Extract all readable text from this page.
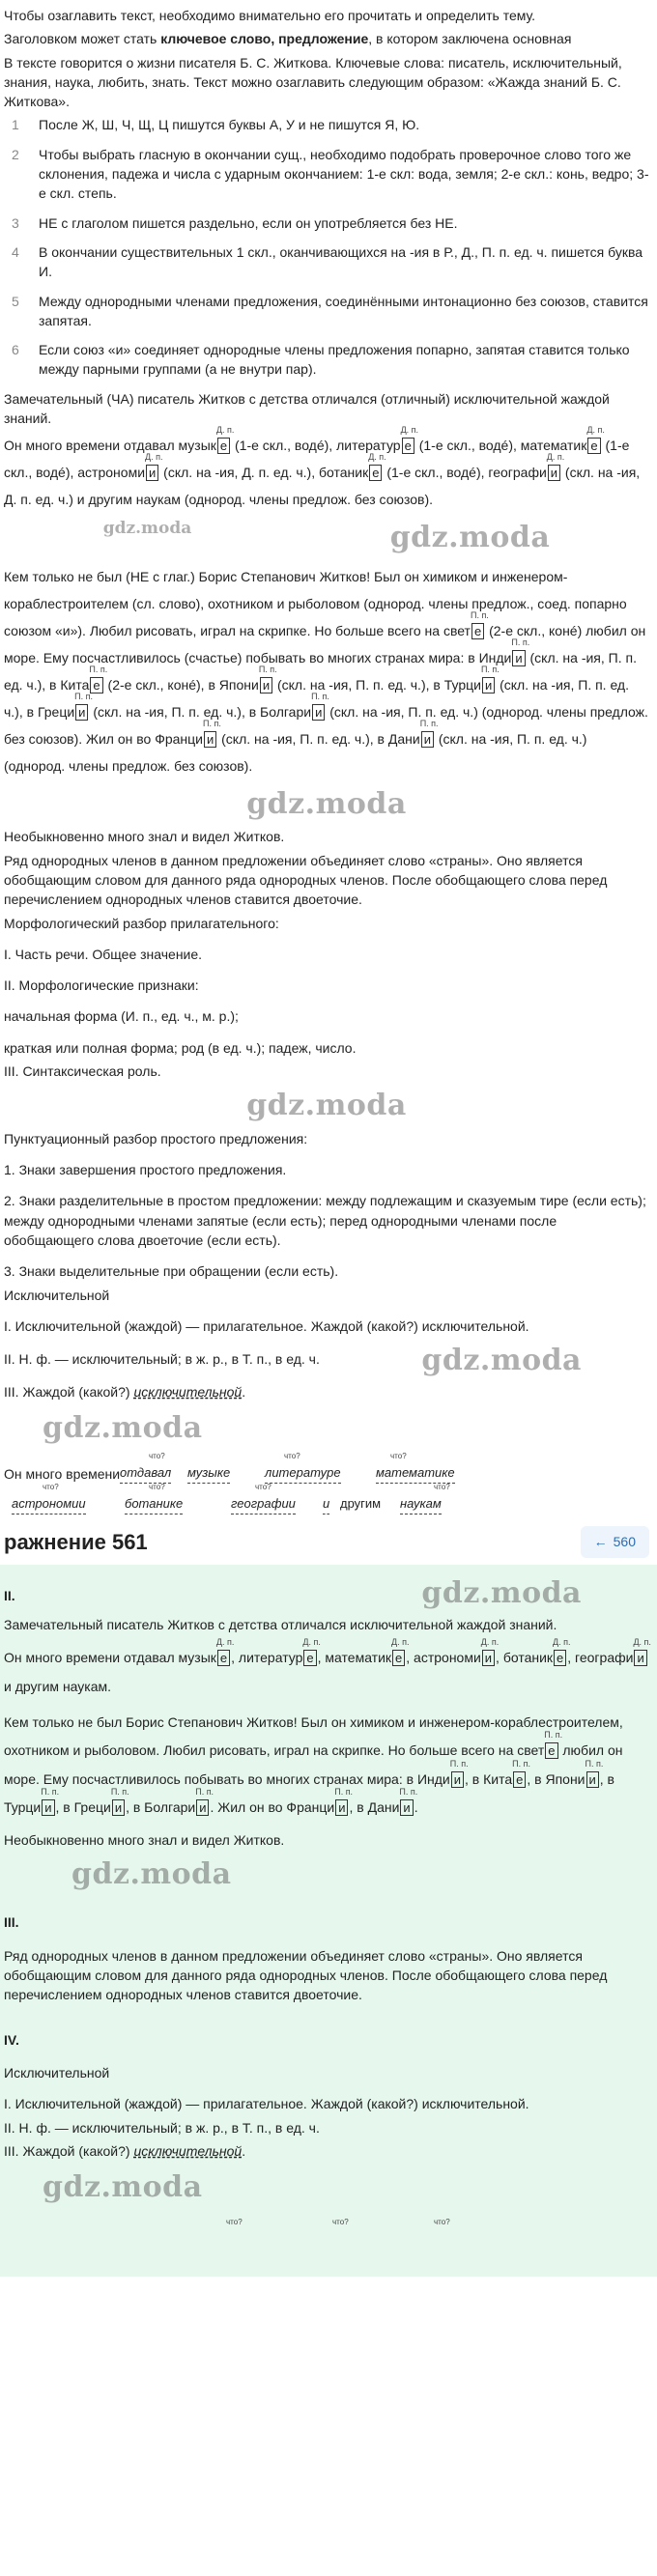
Чтобы озаглавить текст, необходимо внимательно его прочитать и определить тему.

Заголовком может стать ключевое слово, предложение, в котором заключена основная

В тексте говорится о жизни писателя Б. С. Житкова. Ключевые слова: писатель, исключительный, знания, наука, любить, знать. Текст можно озаглавить следующим образом: «Жажда знаний Б. С. Житкова».

1	После Ж, Ш, Ч, Щ, Ц пишутся буквы А, У и не пишутся Я, Ю.
2	Чтобы выбрать гласную в окончании сущ., необходимо подобрать проверочное слово того же склонения, падежа и числа с ударным окончанием: 1-е скл: вода, земля; 2-е скл.: конь, ведро; 3-е скл. степь.
3	НЕ с глаголом пишется раздельно, если он употребляется без НЕ.
4	В окончании существительных 1 скл., оканчивающихся на -ия в Р., Д., П. п. ед. ч. пишется буква И.
5	Между однородными членами предложения, соединёнными интонационно без союзов, ставится запятая.
6	Если союз «и» соединяет однородные члены предложения попарно, запятая ставится только между парными группами (а не внутри пар).

Замечательный (ЧА) писатель Житков с детства отличался (отличный) исключительной жаждой знаний.

Он много времени отдавал музык
Д. п.
е (1-е скл., водé), литератур
Д. п.
е (1-е скл., водé), математик
Д. п.
е (1-е скл., водé), астрономи
Д. п.
и (скл. на -ия, Д. п. ед. ч.), ботаник
Д. п.
е (1-е скл., водé), географи
Д. п.
и (скл. на -ия, Д. п. ед. ч.) и другим наукам (однород. члены предлож. без союзов).

gdz.moda	gdz.moda

Кем только не был (НЕ с глаг.) Борис Степанович Житков! Был он химиком и инженером-кораблестроителем (сл. слово), охотником и рыболовом (однород. члены предлож., соед. попарно союзом «и»). Любил рисовать, играл на скрипке. Но больше всего на свет
П. п.
е (2-е скл., конé) любил он море. Ему посчастливилось (счастье) побывать во многих странах мира: в Инди
П. п.
и (скл. на -ия, П. п. ед. ч.), в Кита
П. п.
е (2-е скл., конé), в Япони
П. п.
и (скл. на -ия, П. п. ед. ч.), в Турци
П. п.
и (скл. на -ия, П. п. ед. ч.), в Греци
П. п.
и (скл. на -ия, П. п. ед. ч.), в Болгари
П. п.
и (скл. на -ия, П. п. ед. ч.) (однород. члены предлож. без союзов). Жил он во Франци
П. п.
и (скл. на -ия, П. п. ед. ч.), в Дани
П. п.
и (скл. на -ия, П. п. ед. ч.) (однород. члены предлож. без союзов).

gdz.moda

Необыкновенно много знал и видел Житков.

Ряд однородных членов в данном предложении объединяет слово «страны». Оно является обобщающим словом для данного ряда однородных членов. После обобщающего слова перед перечислением однородных членов ставится двоеточие.

Морфологический разбор прилагательного:

I. Часть речи. Общее значение.

II. Морфологические признаки:

начальная форма (И. п., ед. ч., м. р.);

краткая или полная форма; род (в ед. ч.); падеж, число.

III. Синтаксическая роль.

gdz.moda

Пунктуационный разбор простого предложения:

1. Знаки завершения простого предложения.

2. Знаки разделительные в простом предложении: между подлежащим и сказуемым тире (если есть); между однородными членами запятые (если есть); перед однородными членами после обобщающего слова двоеточие (если есть).

3. Знаки выделительные при обращении (если есть).

Исключительной

I. Исключительной (жаждой) — прилагательное. Жаждой (какой?) исключительной.

II. Н. ф. — исключительный; в ж. р., в Т. п., в ед. ч.	gdz.moda

III. Жаждой (какой?) исключительной.

gdz.moda
Он много времени
что?
отдавал музыке
что?
литературе
что?
математике
что?
астрономии
что?
ботанике
что?
географии и другим
что?
наукам
ражнение 561	← 560
II.	gdz.moda

Замечательный писатель Житков с детства отличался исключительной жаждой знаний.

Он много времени отдавал музык
Д. п.
е , литератур
Д. п.
е , математик
Д. п.
е , астрономи
Д. п.
и , ботаник
Д. п.
е , географи
Д. п.
и и другим наукам.

Кем только не был Борис Степанович Житков! Был он химиком и инженером-кораблестроителем, охотником и рыболовом. Любил рисовать, играл на скрипке. Но больше всего на свет
П. п.
е любил он море. Ему посчастливилось побывать во многих странах мира: в Инди
П. п.
и , в Кита
П. п.
е , в Япони
П. п.
и , в Турци
П. п.
и , в Греци
П. п.
и , в Болгари
П. п.
и . Жил он во Франци
П. п.
и , в Дани
П. п.
и .

Необыкновенно много знал и видел Житков.

gdz.moda

III.

Ряд однородных членов в данном предложении объединяет слово «страны». Оно является обобщающим словом для данного ряда однородных членов. После обобщающего слова перед перечислением однородных членов ставится двоеточие.

IV.

Исключительной

I. Исключительной (жаждой) — прилагательное. Жаждой (какой?) исключительной.

II. Н. ф. — исключительный; в ж. р., в Т. п., в ед. ч.

III. Жаждой (какой?) исключительной.

gdz.moda
что?	что?	что?
